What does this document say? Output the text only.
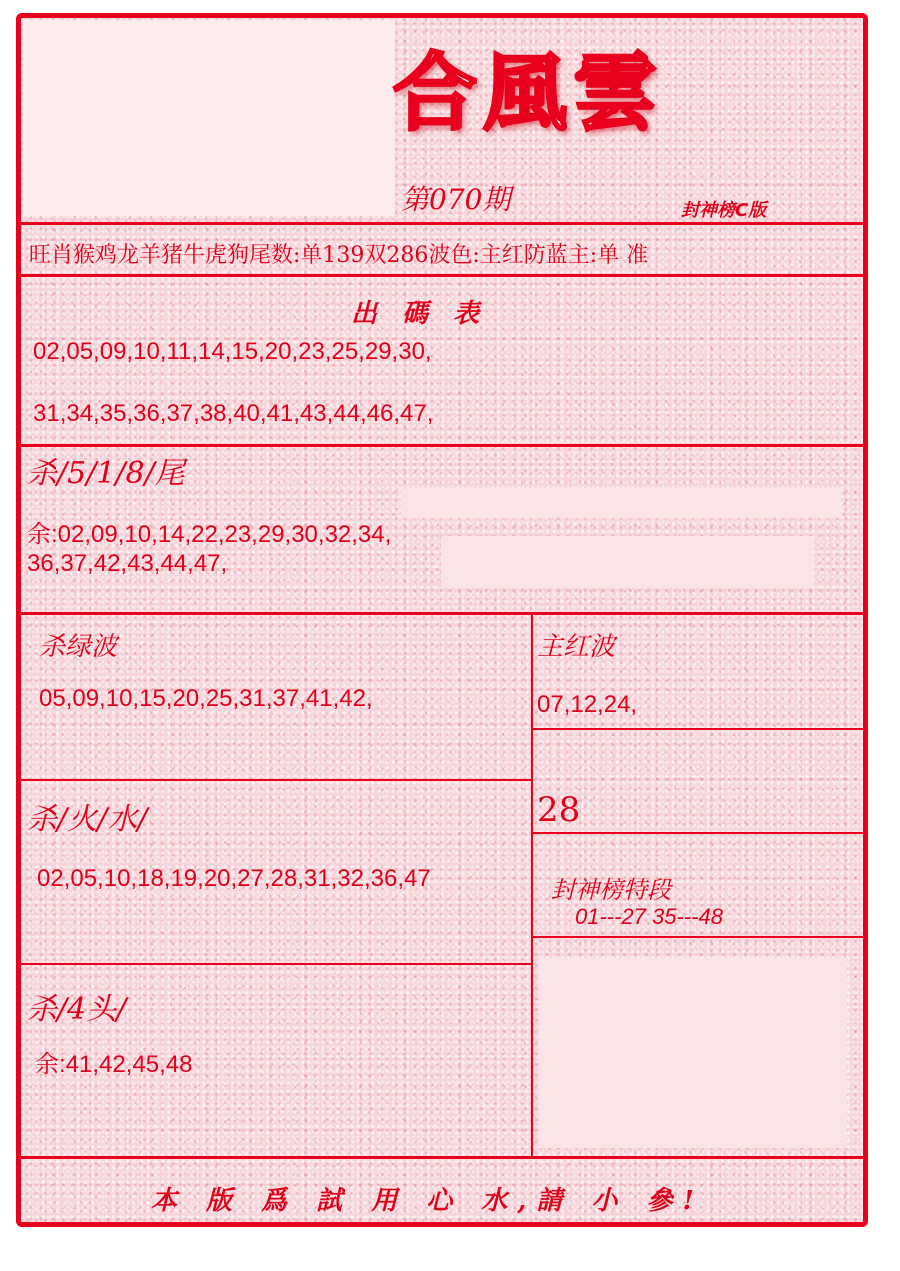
合風雲
第070期	封神榜C版
旺肖猴鸡龙羊猪牛虎狗尾数:单139双286波色:主红防蓝主:单 准
出 碼 表
02,05,09,10,11,14,15,20,23,25,29,30,
31,34,35,36,37,38,40,41,43,44,46,47,
杀/5/1/8/尾
余:02,09,10,14,22,23,29,30,32,34,
36,37,42,43,44,47,
杀绿波
05,09,10,15,20,25,31,37,41,42,
杀/火/水/
02,05,10,18,19,20,27,28,31,32,36,47
杀/4头/
余:41,42,45,48
主红波
07,12,24,
28
封神榜特段
01---27 35---48
本 版 爲 試 用 心 水,請 小 參!
